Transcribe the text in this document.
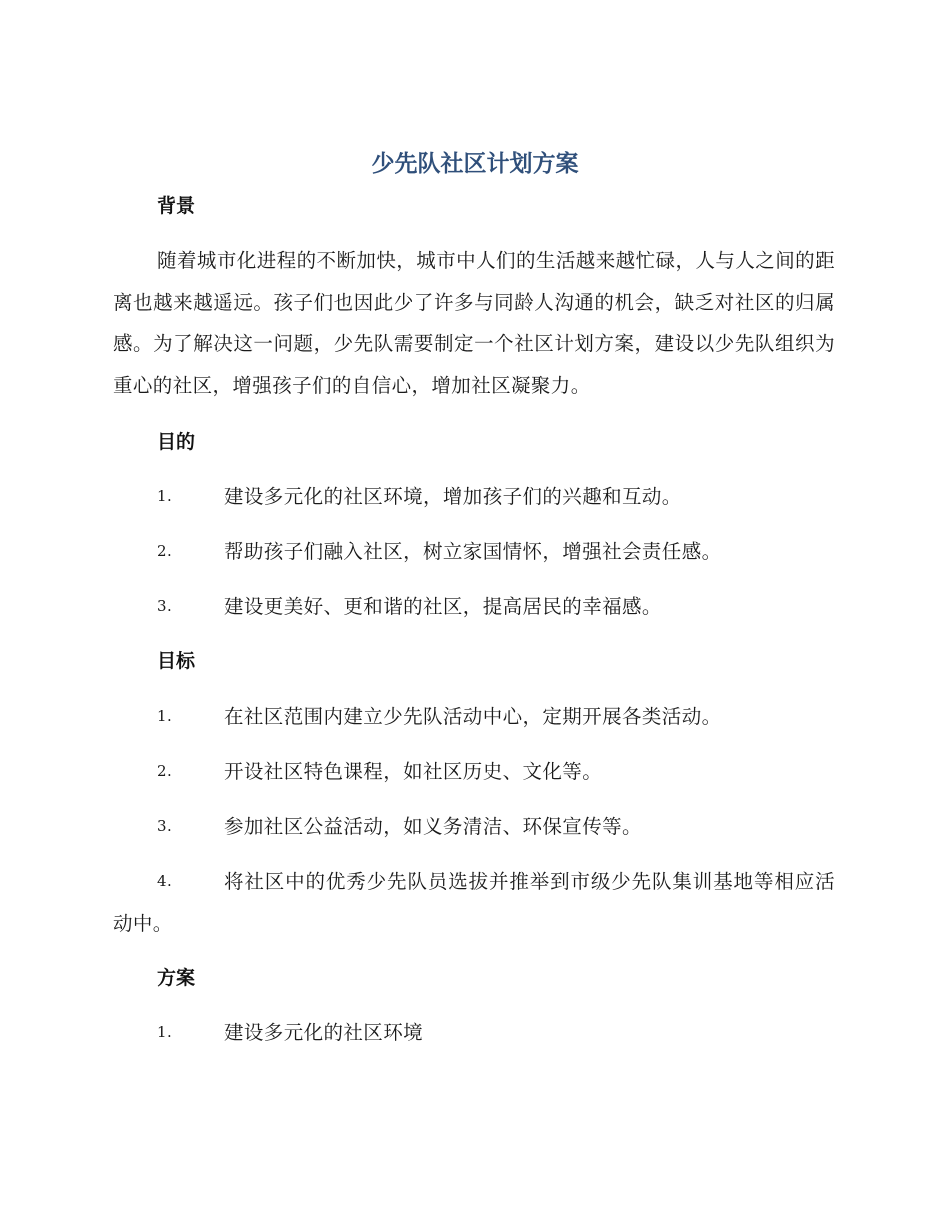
少先队社区计划方案
背景
随着城市化进程的不断加快，城市中人们的生活越来越忙碌，人与人之间的距离也越来越遥远。孩子们也因此少了许多与同龄人沟通的机会，缺乏对社区的归属感。为了解决这一问题，少先队需要制定一个社区计划方案，建设以少先队组织为重心的社区，增强孩子们的自信心，增加社区凝聚力。
目的
1.	建设多元化的社区环境，增加孩子们的兴趣和互动。
2.	帮助孩子们融入社区，树立家国情怀，增强社会责任感。
3.	建设更美好、更和谐的社区，提高居民的幸福感。
目标
1.	在社区范围内建立少先队活动中心，定期开展各类活动。
2.	开设社区特色课程，如社区历史、文化等。
3.	参加社区公益活动，如义务清洁、环保宣传等。
4.	将社区中的优秀少先队员选拔并推举到市级少先队集训基地等相应活动中。
方案
1.	建设多元化的社区环境
